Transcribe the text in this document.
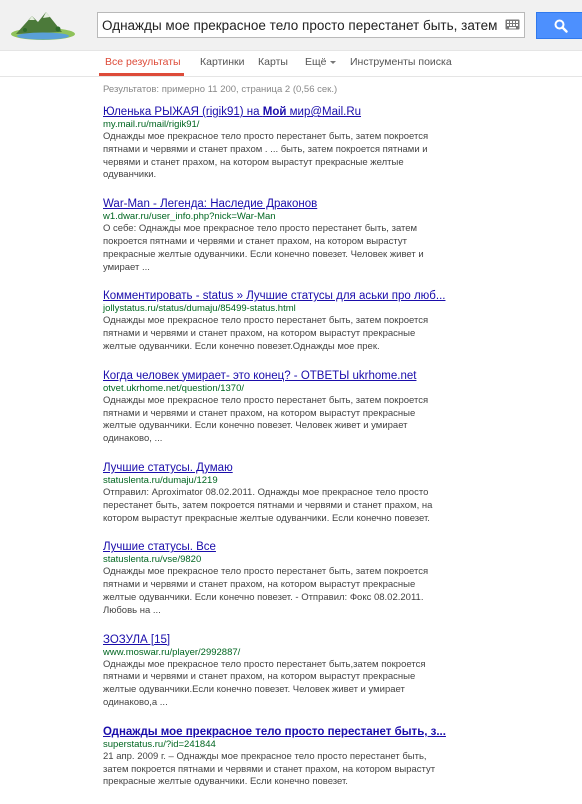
Однажды мое прекрасное тело просто перестанет быть, затем покроется пя
Все результаты Картинки Карты Ещё	Инструменты поиска
Результатов: примерно 11 200, страница 2 (0,56 сек.)
Юленька РЫЖАЯ (rigik91) на Мой мир@Mail.Ru
my.mail.ru/mail/rigik91/
Однажды мое прекрасное тело просто перестанет быть, затем покроется пятнами и червями и станет прахом . ... быть, затем покроется пятнами и червями и станет прахом, на котором вырастут прекрасные желтые одуванчики.
War-Man - Легенда: Наследие Драконов
w1.dwar.ru/user_info.php?nick=War-Man
О себе: Однажды мое прекрасное тело просто перестанет быть, затем покроется пятнами и червями и станет прахом, на котором вырастут прекрасные желтые одуванчики. Если конечно повезет. Человек живет и умирает ...
Комментировать - status » Лучшие статусы для аськи про люб...
jollystatus.ru/status/dumaju/85499-status.html
Однажды мое прекрасное тело просто перестанет быть, затем покроется пятнами и червями и станет прахом, на котором вырастут прекрасные желтые одуванчики. Если конечно повезет.Однажды мое прек.
Когда человек умирает- это конец? - ОТВЕТЫ ukrhome.net
otvet.ukrhome.net/question/1370/
Однажды мое прекрасное тело просто перестанет быть, затем покроется пятнами и червями и станет прахом, на котором вырастут прекрасные желтые одуванчики. Если конечно повезет. Человек живет и умирает одинаково, ...
Лучшие статусы. Думаю
statuslenta.ru/dumaju/1219
Отправил: Aproximator 08.02.2011. Однажды мое прекрасное тело просто перестанет быть, затем покроется пятнами и червями и станет прахом, на котором вырастут прекрасные желтые одуванчики. Если конечно повезет.
Лучшие статусы. Все
statuslenta.ru/vse/9820
Однажды мое прекрасное тело просто перестанет быть, затем покроется пятнами и червями и станет прахом, на котором вырастут прекрасные желтые одуванчики. Если конечно повезет. - Отправил: Фокс 08.02.2011. Любовь на ...
ЗОЗУЛА [15]
www.moswar.ru/player/2992887/
Однажды мое прекрасное тело просто перестанет быть,затем покроется пятнами и червями и станет прахом, на котором вырастут прекрасные желтые одуванчики.Если конечно повезет. Человек живет и умирает одинаково,а ...
Однажды мое прекрасное тело просто перестанет быть, з...
superstatus.ru/?id=241844
21 апр. 2009 г. – Однажды мое прекрасное тело просто перестанет быть, затем покроется пятнами и червями и станет прахом, на котором вырастут прекрасные желтые одуванчики. Если конечно повезет.
